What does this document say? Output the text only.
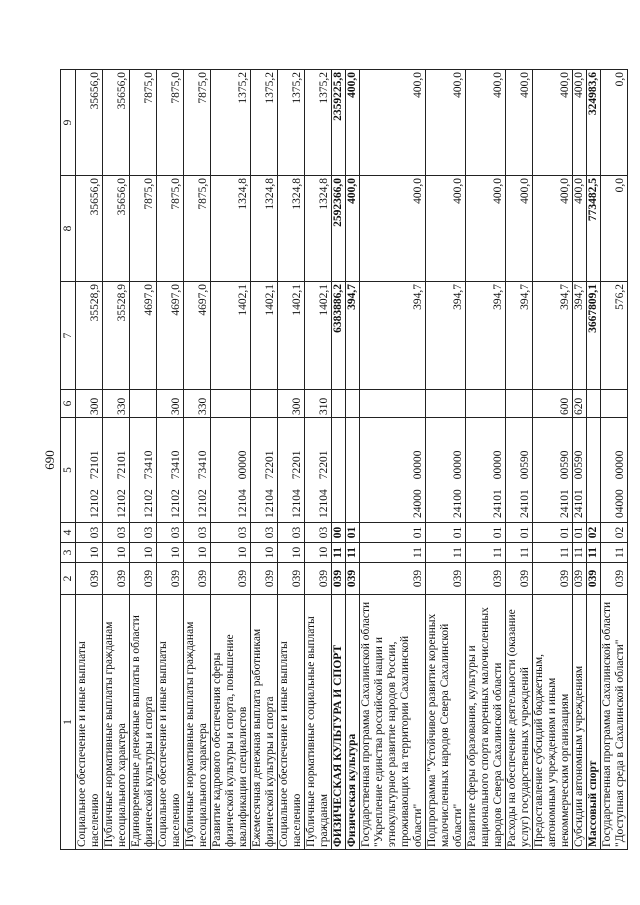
690
1	2	3	4	5	6	7	8	9
Социальное обеспечение и иные выплаты населению	039	10	03	1210272101	300	35528,9	35656,0	35656,0
Публичные нормативные выплаты гражданам несоциального характера	039	10	03	1210272101	330	35528,9	35656,0	35656,0
Единовременные денежные выплаты в области физической культуры и спорта	039	10	03	1210273410		4697,0	7875,0	7875,0
Социальное обеспечение и иные выплаты населению	039	10	03	1210273410	300	4697,0	7875,0	7875,0
Публичные нормативные выплаты гражданам несоциального характера	039	10	03	1210273410	330	4697,0	7875,0	7875,0
Развитие кадрового обеспечения сферы физической культуры и спорта, повышение квалификации специалистов	039	10	03	1210400000		1402,1	1324,8	1375,2
Ежемесячная денежная выплата работникам физической культуры и спорта	039	10	03	1210472201		1402,1	1324,8	1375,2
Социальное обеспечение и иные выплаты населению	039	10	03	1210472201	300	1402,1	1324,8	1375,2
Публичные нормативные социальные выплаты гражданам	039	10	03	1210472201	310	1402,1	1324,8	1375,2
ФИЗИЧЕСКАЯ КУЛЬТУРА И СПОРТ	039	11	00			6383886,2	2592366,0	2359225,8
Физическая культура	039	11	01			394,7	400,0	400,0
Государственная программа Сахалинской области "Укрепление единства российской нации и этнокультурное развитие народов России, проживающих на территории Сахалинской области"	039	11	01	2400000000		394,7	400,0	400,0
Подпрограмма "Устойчивое развитие коренных малочисленных народов Севера Сахалинской области"	039	11	01	2410000000		394,7	400,0	400,0
Развитие сферы образования, культуры и национального спорта коренных малочисленных народов Севера Сахалинской области	039	11	01	2410100000		394,7	400,0	400,0
Расходы на обеспечение деятельности (оказание услуг) государственных учреждений	039	11	01	2410100590		394,7	400,0	400,0
Предоставление субсидий бюджетным, автономным учреждениям и иным некоммерческим организациям	039	11	01	2410100590	600	394,7	400,0	400,0
Субсидии автономным учреждениям	039	11	01	2410100590	620	394,7	400,0	400,0
Массовый спорт	039	11	02			3667809,1	773482,5	324983,6
Государственная программа Сахалинской области "Доступная среда в Сахалинской области"	039	11	02	0400000000		576,2	0,0	0,0
